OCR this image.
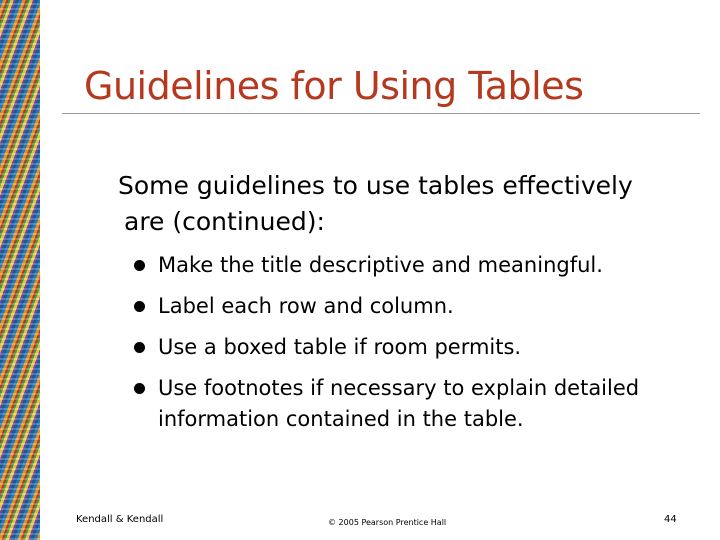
Guidelines for Using Tables

Some guidelines to use tables effectively
are (continued):

Make the title descriptive and meaningful.
Label each row and column.
Use a boxed table if room permits.
Use footnotes if necessary to explain detailed information contained in the table.
Kendall & Kendall	© 2005 Pearson Prentice Hall	44
